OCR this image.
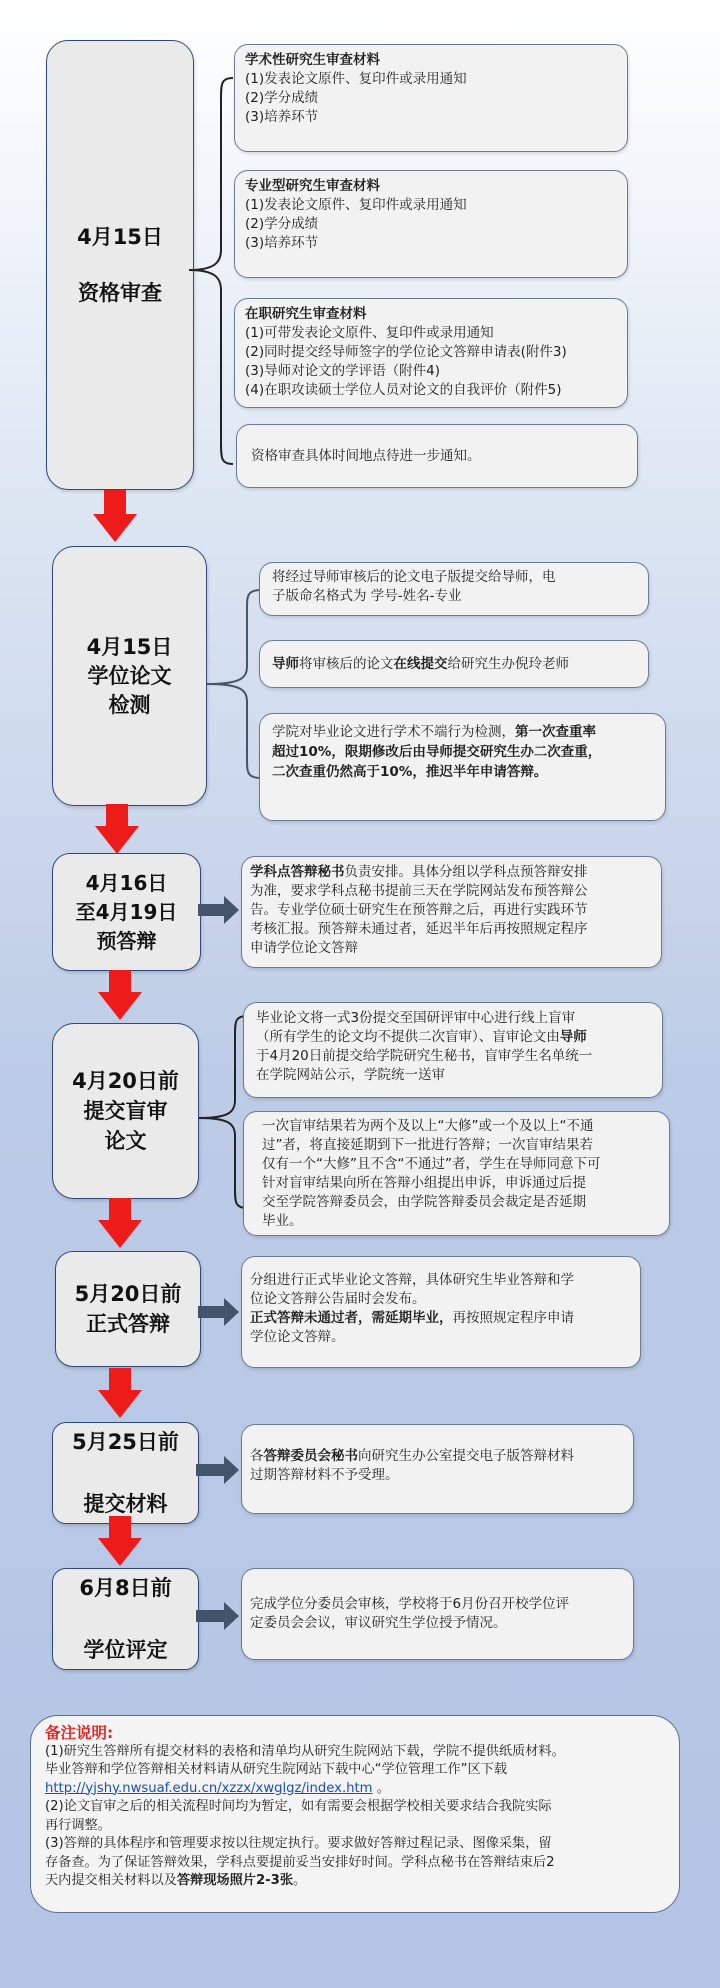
4月15日
资格审查
学术性研究生审查材料
(1)发表论文原件、复印件或录用通知
(2)学分成绩
(3)培养环节
专业型研究生审查材料
(1)发表论文原件、复印件或录用通知
(2)学分成绩
(3)培养环节
在职研究生审查材料
(1)可带发表论文原件、复印件或录用通知
(2)同时提交经导师签字的学位论文答辩申请表(附件3)
(3)导师对论文的学评语（附件4)
(4)在职攻读硕士学位人员对论文的自我评价（附件5)
资格审查具体时间地点待进一步通知。
4月15日
学位论文
检测
将经过导师审核后的论文电子版提交给导师，电
子版命名格式为 学号-姓名-专业
导师将审核后的论文在线提交给研究生办倪玲老师
学院对毕业论文进行学术不端行为检测，第一次查重率
超过10%，限期修改后由导师提交研究生办二次查重，
二次查重仍然高于10%，推迟半年申请答辩。
4月16日
至4月19日
预答辩
学科点答辩秘书负责安排。具体分组以学科点预答辩安排
为准，要求学科点秘书提前三天在学院网站发布预答辩公
告。专业学位硕士研究生在预答辩之后，再进行实践环节
考核汇报。预答辩未通过者，延迟半年后再按照规定程序
申请学位论文答辩
4月20日前
提交盲审
论文
毕业论文将一式3份提交至国研评审中心进行线上盲审
（所有学生的论文均不提供二次盲审）、盲审论文由导师
于4月20日前提交给学院研究生秘书，盲审学生名单统一
在学院网站公示，学院统一送审
一次盲审结果若为两个及以上“大修”或一个及以上“不通
过”者，将直接延期到下一批进行答辩；一次盲审结果若
仅有一个“大修”且不含“不通过”者，学生在导师同意下可
针对盲审结果向所在答辩小组提出申诉，申诉通过后提
交至学院答辩委员会，由学院答辩委员会裁定是否延期
毕业。
5月20日前
正式答辩
分组进行正式毕业论文答辩，具体研究生毕业答辩和学
位论文答辩公告届时会发布。
正式答辩未通过者，需延期毕业，再按照规定程序申请
学位论文答辩。
5月25日前
提交材料
各答辩委员会秘书向研究生办公室提交电子版答辩材料
过期答辩材料不予受理。
6月8日前
学位评定
完成学位分委员会审核，学校将于6月份召开校学位评
定委员会会议，审议研究生学位授予情况。
备注说明:
(1)研究生答辩所有提交材料的表格和清单均从研究生院网站下载，学院不提供纸质材料。
毕业答辩和学位答辩相关材料请从研究生院网站下载中心“学位管理工作”区下载
http://yjshy.nwsuaf.edu.cn/xzzx/xwglgz/index.htm 。
(2)论文盲审之后的相关流程时间均为暂定，如有需要会根据学校相关要求结合我院实际
再行调整。
(3)答辩的具体程序和管理要求按以往规定执行。要求做好答辩过程记录、图像采集，留
存备查。为了保证答辩效果，学科点要提前妥当安排好时间。学科点秘书在答辩结束后2
天内提交相关材料以及答辩现场照片2-3张。
